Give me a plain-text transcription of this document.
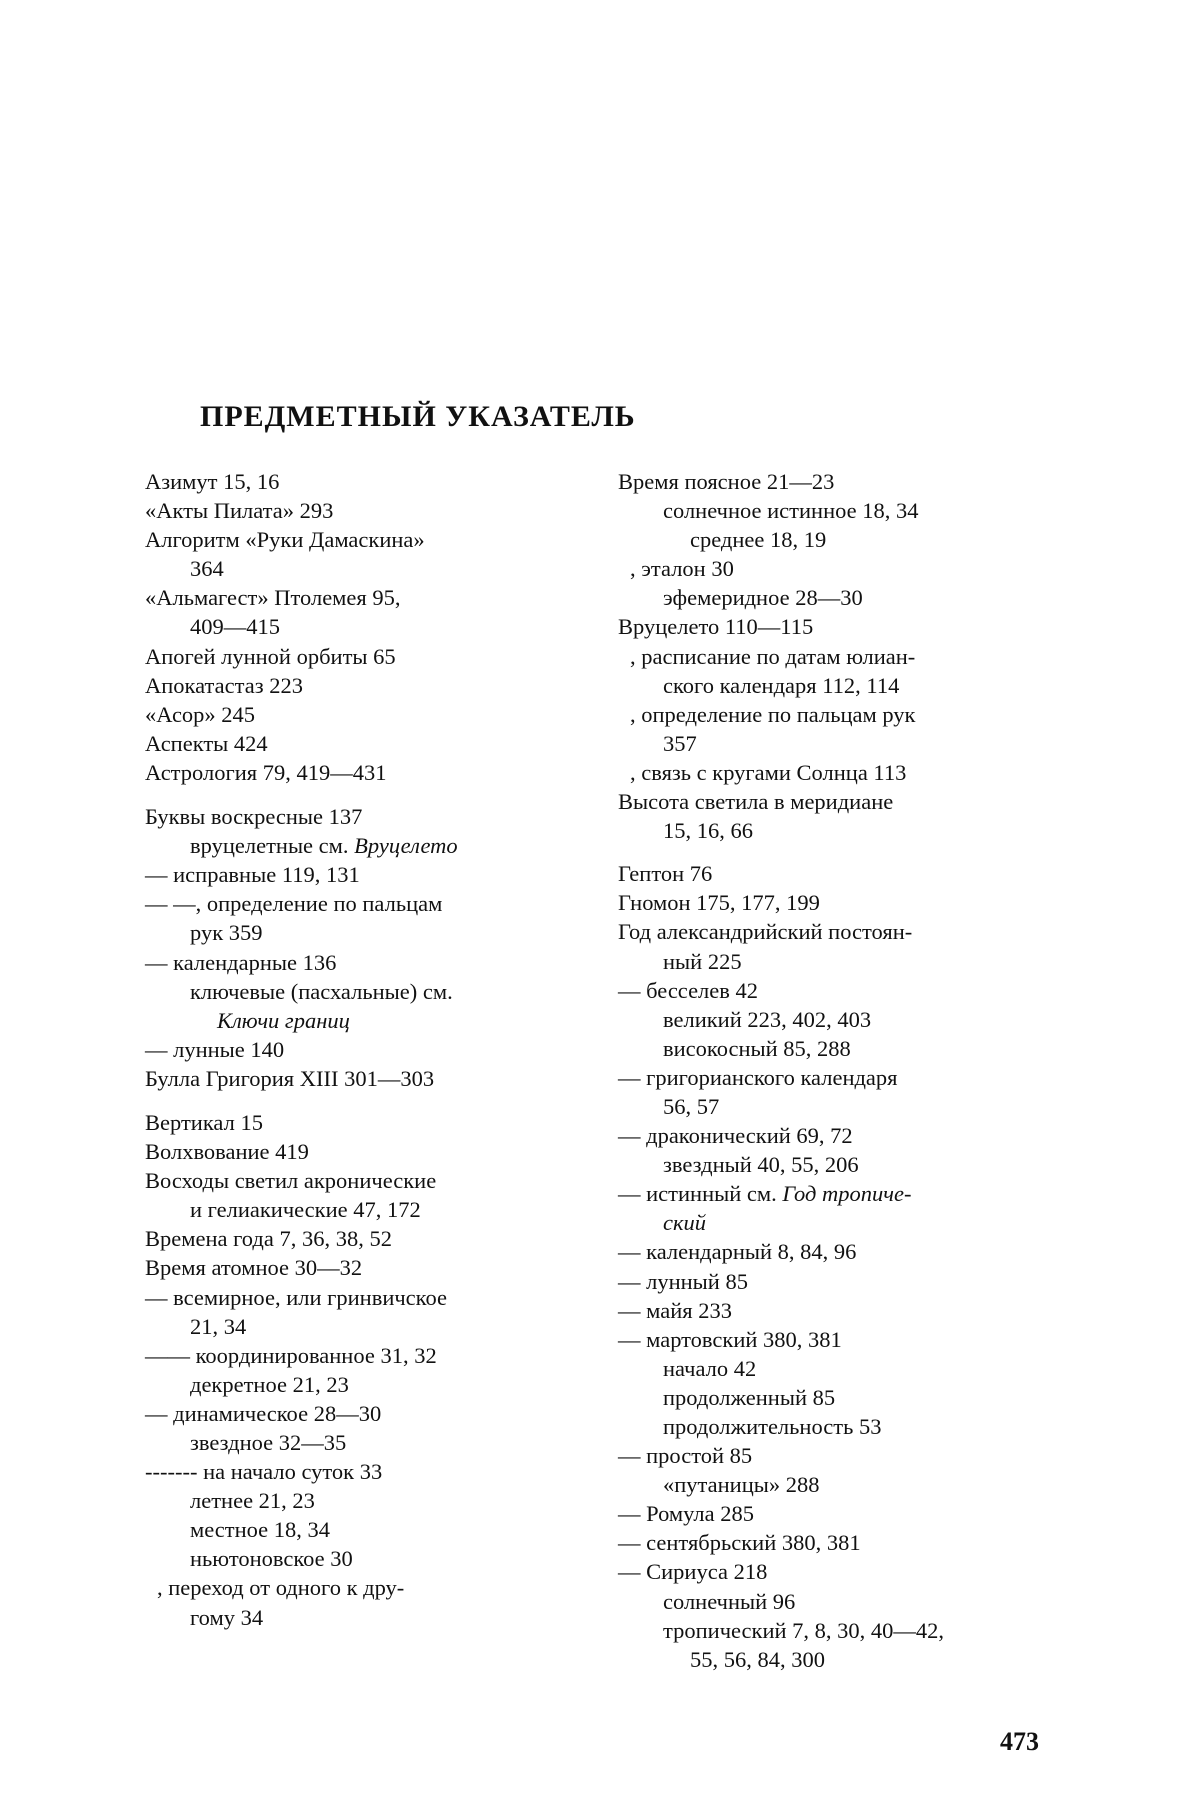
ПРЕДМЕТНЫЙ УКАЗАТЕЛЬ
Азимут 15, 16
«Акты Пилата» 293
Алгоритм «Руки Дамаскина»
364
«Альмагест» Птолемея 95,
409—415
Апогей лунной орбиты 65
Апокатастаз 223
«Асор» 245
Аспекты 424
Астрология 79, 419—431
Буквы воскресные 137
вруцелетные см. Вруцелето
— исправные 119, 131
— —, определение по пальцам
рук 359
— календарные 136
ключевые (пасхальные) см.
Ключи границ
— лунные 140
Булла Григория XIII 301—303
Вертикал 15
Волхвование 419
Восходы светил акронические
и гелиакические 47, 172
Времена года 7, 36, 38, 52
Время атомное 30—32
— всемирное, или гринвичское
21, 34
—— координированное 31, 32
декретное 21, 23
— динамическое 28—30
звездное 32—35
------- на начало суток 33
летнее 21, 23
местное 18, 34
ньютоновское 30
, переход от одного к дру-
гому 34
Время поясное 21—23
солнечное истинное 18, 34
среднее 18, 19
, эталон 30
эфемеридное 28—30
Вруцелето 110—115
, расписание по датам юлиан-
ского календаря 112, 114
, определение по пальцам рук
357
, связь с кругами Солнца 113
Высота светила в меридиане
15, 16, 66
Гептон 76
Гномон 175, 177, 199
Год александрийский постоян-
ный 225
— бесселев 42
великий 223, 402, 403
високосный 85, 288
— григорианского календаря
56, 57
— драконический 69, 72
звездный 40, 55, 206
— истинный см. Год тропиче-
ский
— календарный 8, 84, 96
— лунный 85
— майя 233
— мартовский 380, 381
начало 42
продолженный 85
продолжительность 53
— простой 85
«путаницы» 288
— Ромула 285
— сентябрьский 380, 381
— Сириуса 218
солнечный 96
тропический 7, 8, 30, 40—42,
55, 56, 84, 300

473
